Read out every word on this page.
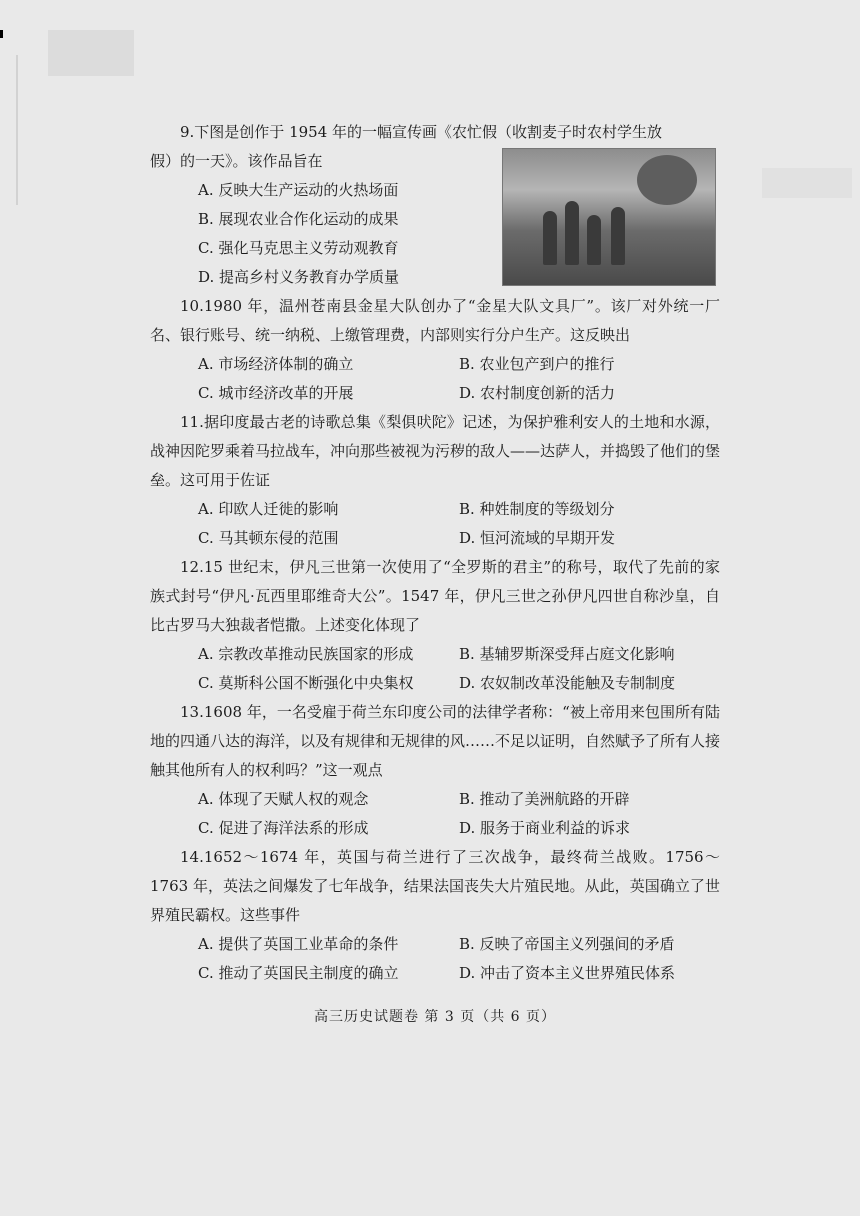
9.下图是创作于 1954 年的一幅宣传画《农忙假（收割麦子时农村学生放

假）的一天》。该作品旨在
A. 反映大生产运动的火热场面
B. 展现农业合作化运动的成果
C. 强化马克思主义劳动观教育
D. 提高乡村义务教育办学质量

10.1980 年，温州苍南县金星大队创办了“金星大队文具厂”。该厂对外统一厂名、银行账号、统一纳税、上缴管理费，内部则实行分户生产。这反映出

A. 市场经济体制的确立	B. 农业包产到户的推行
C. 城市经济改革的开展	D. 农村制度创新的活力

11.据印度最古老的诗歌总集《梨俱吠陀》记述，为保护雅利安人的土地和水源，战神因陀罗乘着马拉战车，冲向那些被视为污秽的敌人——达萨人，并捣毁了他们的堡垒。这可用于佐证

A. 印欧人迁徙的影响	B. 种姓制度的等级划分
C. 马其顿东侵的范围	D. 恒河流域的早期开发

12.15 世纪末，伊凡三世第一次使用了“全罗斯的君主”的称号，取代了先前的家族式封号“伊凡·瓦西里耶维奇大公”。1547 年，伊凡三世之孙伊凡四世自称沙皇，自比古罗马大独裁者恺撒。上述变化体现了

A. 宗教改革推动民族国家的形成	B. 基辅罗斯深受拜占庭文化影响
C. 莫斯科公国不断强化中央集权	D. 农奴制改革没能触及专制制度

13.1608 年，一名受雇于荷兰东印度公司的法律学者称：“被上帝用来包围所有陆地的四通八达的海洋，以及有规律和无规律的风……不足以证明，自然赋予了所有人接触其他所有人的权利吗？”这一观点

A. 体现了天赋人权的观念	B. 推动了美洲航路的开辟
C. 促进了海洋法系的形成	D. 服务于商业利益的诉求

14.1652～1674 年，英国与荷兰进行了三次战争，最终荷兰战败。1756～1763 年，英法之间爆发了七年战争，结果法国丧失大片殖民地。从此，英国确立了世界殖民霸权。这些事件

A. 提供了英国工业革命的条件	B. 反映了帝国主义列强间的矛盾
C. 推动了英国民主制度的确立	D. 冲击了资本主义世界殖民体系
高三历史试题卷 第 3 页（共 6 页）
